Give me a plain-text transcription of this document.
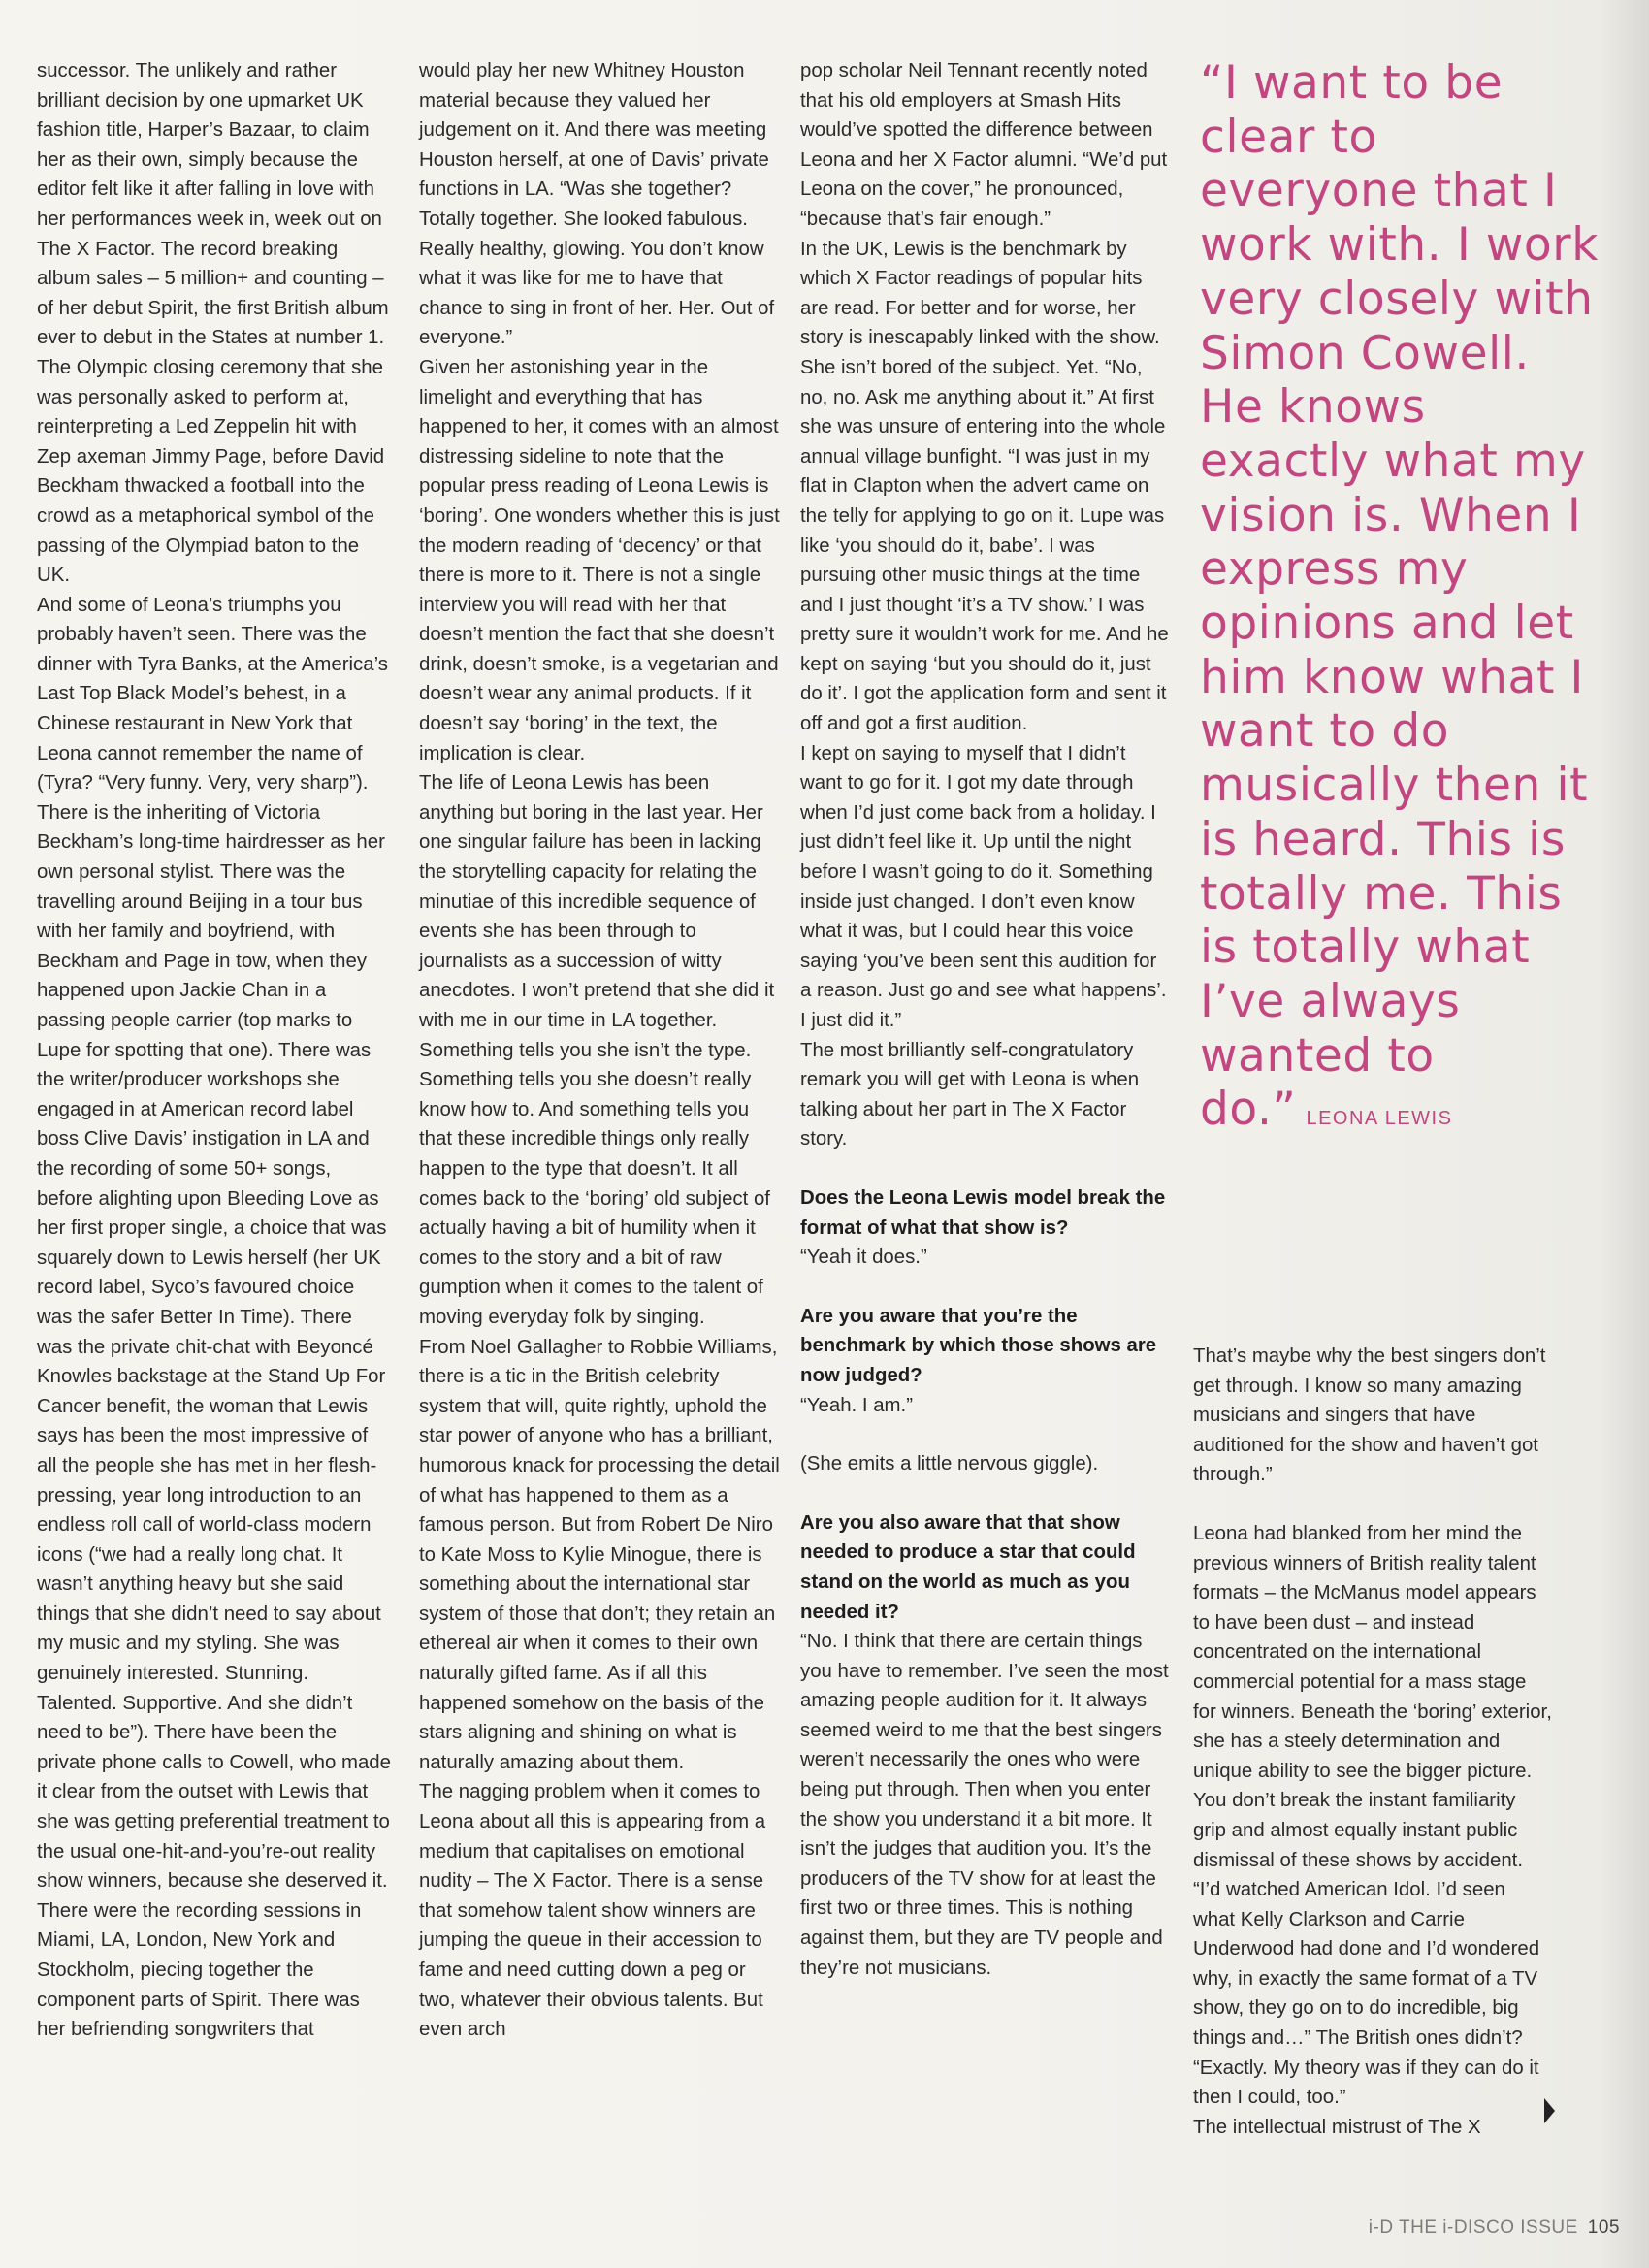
successor. The unlikely and rather brilliant decision by one upmarket UK fashion title, Harper’s Bazaar, to claim her as their own, simply because the editor felt like it after falling in love with her performances week in, week out on The X Factor. The record breaking album sales – 5 million+ and counting – of her debut Spirit, the first British album ever to debut in the States at number 1. The Olympic closing ceremony that she was personally asked to perform at, reinterpreting a Led Zeppelin hit with Zep axeman Jimmy Page, before David Beckham thwacked a football into the crowd as a metaphorical symbol of the passing of the Olympiad baton to the UK.

And some of Leona’s triumphs you probably haven’t seen. There was the dinner with Tyra Banks, at the America’s Last Top Black Model’s behest, in a Chinese restaurant in New York that Leona cannot remember the name of (Tyra? “Very funny. Very, very sharp”). There is the inheriting of Victoria Beckham’s long-time hairdresser as her own personal stylist. There was the travelling around Beijing in a tour bus with her family and boyfriend, with Beckham and Page in tow, when they happened upon Jackie Chan in a passing people carrier (top marks to Lupe for spotting that one). There was the writer/producer workshops she engaged in at American record label boss Clive Davis’ instigation in LA and the recording of some 50+ songs, before alighting upon Bleeding Love as her first proper single, a choice that was squarely down to Lewis herself (her UK record label, Syco’s favoured choice was the safer Better In Time). There was the private chit-chat with Beyoncé Knowles backstage at the Stand Up For Cancer benefit, the woman that Lewis says has been the most impressive of all the people she has met in her flesh-pressing, year long introduction to an endless roll call of world-class modern icons (“we had a really long chat. It wasn’t anything heavy but she said things that she didn’t need to say about my music and my styling. She was genuinely interested. Stunning. Talented. Supportive. And she didn’t need to be”). There have been the private phone calls to Cowell, who made it clear from the outset with Lewis that she was getting preferential treatment to the usual one-hit-and-you’re-out reality show winners, because she deserved it. There were the recording sessions in Miami, LA, London, New York and Stockholm, piecing together the component parts of Spirit. There was her befriending songwriters that

would play her new Whitney Houston material because they valued her judgement on it. And there was meeting Houston herself, at one of Davis’ private functions in LA. “Was she together? Totally together. She looked fabulous. Really healthy, glowing. You don’t know what it was like for me to have that chance to sing in front of her. Her. Out of everyone.”

Given her astonishing year in the limelight and everything that has happened to her, it comes with an almost distressing sideline to note that the popular press reading of Leona Lewis is ‘boring’. One wonders whether this is just the modern reading of ‘decency’ or that there is more to it. There is not a single interview you will read with her that doesn’t mention the fact that she doesn’t drink, doesn’t smoke, is a vegetarian and doesn’t wear any animal products. If it doesn’t say ‘boring’ in the text, the implication is clear.

The life of Leona Lewis has been anything but boring in the last year. Her one singular failure has been in lacking the storytelling capacity for relating the minutiae of this incredible sequence of events she has been through to journalists as a succession of witty anecdotes. I won’t pretend that she did it with me in our time in LA together. Something tells you she isn’t the type. Something tells you she doesn’t really know how to. And something tells you that these incredible things only really happen to the type that doesn’t. It all comes back to the ‘boring’ old subject of actually having a bit of humility when it comes to the story and a bit of raw gumption when it comes to the talent of moving everyday folk by singing.

From Noel Gallagher to Robbie Williams, there is a tic in the British celebrity system that will, quite rightly, uphold the star power of anyone who has a brilliant, humorous knack for processing the detail of what has happened to them as a famous person. But from Robert De Niro to Kate Moss to Kylie Minogue, there is something about the international star system of those that don’t; they retain an ethereal air when it comes to their own naturally gifted fame. As if all this happened somehow on the basis of the stars aligning and shining on what is naturally amazing about them.

The nagging problem when it comes to Leona about all this is appearing from a medium that capitalises on emotional nudity – The X Factor. There is a sense that somehow talent show winners are jumping the queue in their accession to fame and need cutting down a peg or two, whatever their obvious talents. But even arch

pop scholar Neil Tennant recently noted that his old employers at Smash Hits would’ve spotted the difference between Leona and her X Factor alumni. “We’d put Leona on the cover,” he pronounced, “because that’s fair enough.”

In the UK, Lewis is the benchmark by which X Factor readings of popular hits are read. For better and for worse, her story is inescapably linked with the show. She isn’t bored of the subject. Yet. “No, no, no. Ask me anything about it.” At first she was unsure of entering into the whole annual village bunfight. “I was just in my flat in Clapton when the advert came on the telly for applying to go on it. Lupe was like ‘you should do it, babe’. I was pursuing other music things at the time and I just thought ‘it’s a TV show.’ I was pretty sure it wouldn’t work for me. And he kept on saying ‘but you should do it, just do it’. I got the application form and sent it off and got a first audition.

I kept on saying to myself that I didn’t want to go for it. I got my date through when I’d just come back from a holiday. I just didn’t feel like it. Up until the night before I wasn’t going to do it. Something inside just changed. I don’t even know what it was, but I could hear this voice saying ‘you’ve been sent this audition for a reason. Just go and see what happens’. I just did it.”

The most brilliantly self-congratulatory remark you will get with Leona is when talking about her part in The X Factor story.

Does the Leona Lewis model break the format of what that show is?

“Yeah it does.”

Are you aware that you’re the benchmark by which those shows are now judged?

“Yeah. I am.”

(She emits a little nervous giggle).

Are you also aware that that show needed to produce a star that could stand on the world as much as you needed it?

“No. I think that there are certain things you have to remember. I’ve seen the most amazing people audition for it. It always seemed weird to me that the best singers weren’t necessarily the ones who were being put through. Then when you enter the show you understand it a bit more. It isn’t the judges that audition you. It’s the producers of the TV show for at least the first two or three times. This is nothing against them, but they are TV people and they’re not musicians.

“I want to be clear to everyone that I work with. I work very closely with Simon Cowell. He knows exactly what my vision is. When I express my opinions and let him know what I want to do musically then it is heard. This is totally me. This is totally what I’ve always wanted to do.” LEONA LEWIS

That’s maybe why the best singers don’t get through. I know so many amazing musicians and singers that have auditioned for the show and haven’t got through.”

Leona had blanked from her mind the previous winners of British reality talent formats – the McManus model appears to have been dust – and instead concentrated on the international commercial potential for a mass stage for winners. Beneath the ‘boring’ exterior, she has a steely determination and unique ability to see the bigger picture. You don’t break the instant familiarity grip and almost equally instant public dismissal of these shows by accident. “I’d watched American Idol. I’d seen what Kelly Clarkson and Carrie Underwood had done and I’d wondered why, in exactly the same format of a TV show, they go on to do incredible, big things and…” The British ones didn’t?

“Exactly. My theory was if they can do it then I could, too.”

The intellectual mistrust of The X

i-D THE i-DISCO ISSUE 105
